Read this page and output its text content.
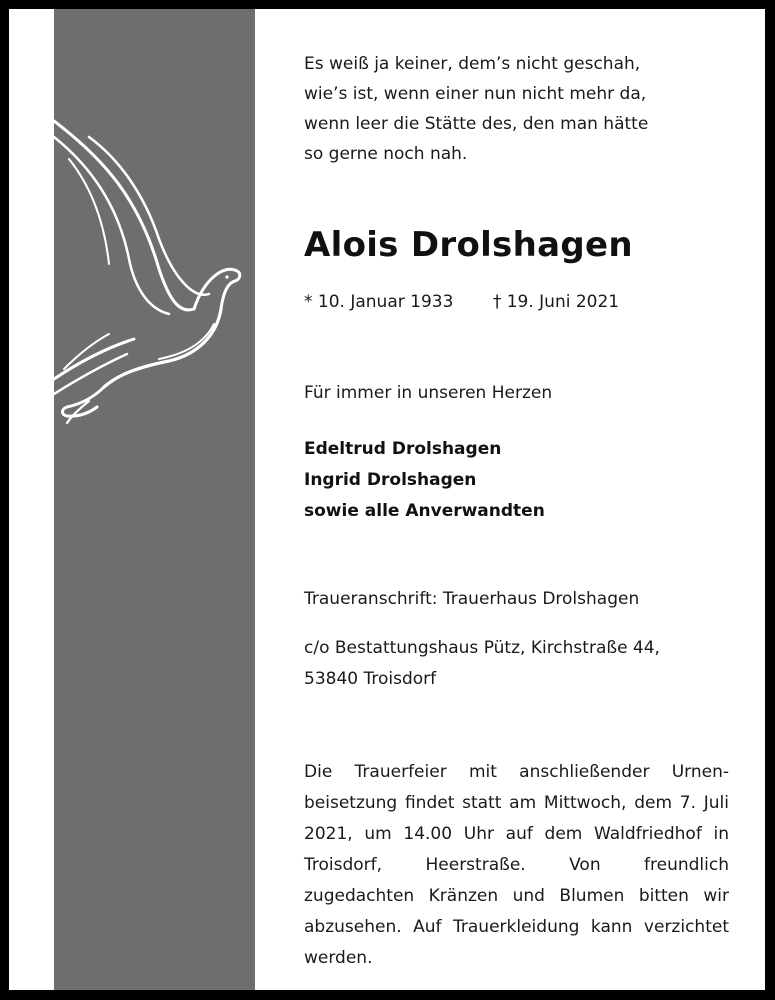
Es weiß ja keiner, dem’s nicht geschah,
wie’s ist, wenn einer nun nicht mehr da,
wenn leer die Stätte des, den man hätte
so gerne noch nah.

Alois Drolshagen
* 10. Januar 1933 † 19. Juni 2021
Für immer in unseren Herzen
Edeltrud Drolshagen
Ingrid Drolshagen
sowie alle Anverwandten
Traueranschrift: Trauerhaus Drolshagen
c/o Bestattungshaus Pütz, Kirchstraße 44,
53840 Troisdorf

Die Trauerfeier mit anschließender Urnenbeisetzung findet statt am Mittwoch, dem 7. Juli 2021, um 14.00 Uhr auf dem Waldfriedhof in Troisdorf, Heerstraße. Von freundlich zugedachten Kränzen und Blumen bitten wir abzusehen. Auf Trauerkleidung kann verzichtet werden.
